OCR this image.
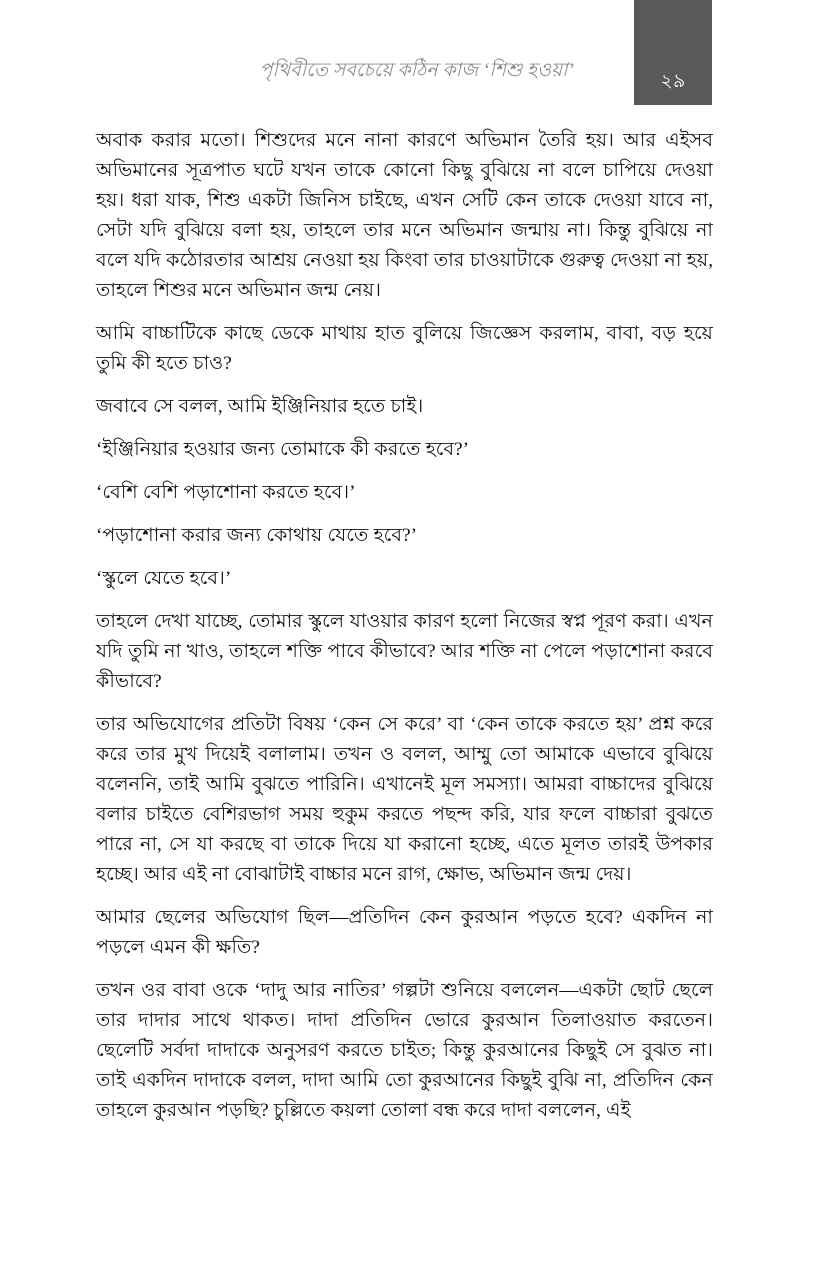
পৃথিবীতে সবচেয়ে কঠিন কাজ ‘শিশু হওয়া’
২৯

অবাক করার মতো। শিশুদের মনে নানা কারণে অভিমান তৈরি হয়। আর এইসব অভিমানের সূত্রপাত ঘটে যখন তাকে কোনো কিছু বুঝিয়ে না বলে চাপিয়ে দেওয়া হয়। ধরা যাক, শিশু একটা জিনিস চাইছে, এখন সেটি কেন তাকে দেওয়া যাবে না, সেটা যদি বুঝিয়ে বলা হয়, তাহলে তার মনে অভিমান জন্মায় না। কিন্তু বুঝিয়ে না বলে যদি কঠোরতার আশ্রয় নেওয়া হয় কিংবা তার চাওয়াটাকে গুরুত্ব দেওয়া না হয়, তাহলে শিশুর মনে অভিমান জন্ম নেয়।

আমি বাচ্চাটিকে কাছে ডেকে মাথায় হাত বুলিয়ে জিজ্ঞেস করলাম, বাবা, বড় হয়ে তুমি কী হতে চাও?

জবাবে সে বলল, আমি ইঞ্জিনিয়ার হতে চাই।

‘ইঞ্জিনিয়ার হওয়ার জন্য তোমাকে কী করতে হবে?’

‘বেশি বেশি পড়াশোনা করতে হবে।’

‘পড়াশোনা করার জন্য কোথায় যেতে হবে?’

‘স্কুলে যেতে হবে।’

তাহলে দেখা যাচ্ছে, তোমার স্কুলে যাওয়ার কারণ হলো নিজের স্বপ্ন পূরণ করা। এখন যদি তুমি না খাও, তাহলে শক্তি পাবে কীভাবে? আর শক্তি না পেলে পড়াশোনা করবে কীভাবে?

তার অভিযোগের প্রতিটা বিষয় ‘কেন সে করে’ বা ‘কেন তাকে করতে হয়’ প্রশ্ন করে করে তার মুখ দিয়েই বলালাম। তখন ও বলল, আম্মু তো আমাকে এভাবে বুঝিয়ে বলেননি, তাই আমি বুঝতে পারিনি। এখানেই মূল সমস্যা। আমরা বাচ্চাদের বুঝিয়ে বলার চাইতে বেশিরভাগ সময় হুকুম করতে পছন্দ করি, যার ফলে বাচ্চারা বুঝতে পারে না, সে যা করছে বা তাকে দিয়ে যা করানো হচ্ছে, এতে মূলত তারই উপকার হচ্ছে। আর এই না বোঝাটাই বাচ্চার মনে রাগ, ক্ষোভ, অভিমান জন্ম দেয়।

আমার ছেলের অভিযোগ ছিল—প্রতিদিন কেন কুরআন পড়তে হবে? একদিন না পড়লে এমন কী ক্ষতি?

তখন ওর বাবা ওকে ‘দাদু আর নাতির’ গল্পটা শুনিয়ে বললেন—একটা ছোট ছেলে তার দাদার সাথে থাকত। দাদা প্রতিদিন ভোরে কুরআন তিলাওয়াত করতেন। ছেলেটি সর্বদা দাদাকে অনুসরণ করতে চাইত; কিন্তু কুরআনের কিছুই সে বুঝত না। তাই একদিন দাদাকে বলল, দাদা আমি তো কুরআনের কিছুই বুঝি না, প্রতিদিন কেন তাহলে কুরআন পড়ছি? চুল্লিতে কয়লা তোলা বন্ধ করে দাদা বললেন, এই
